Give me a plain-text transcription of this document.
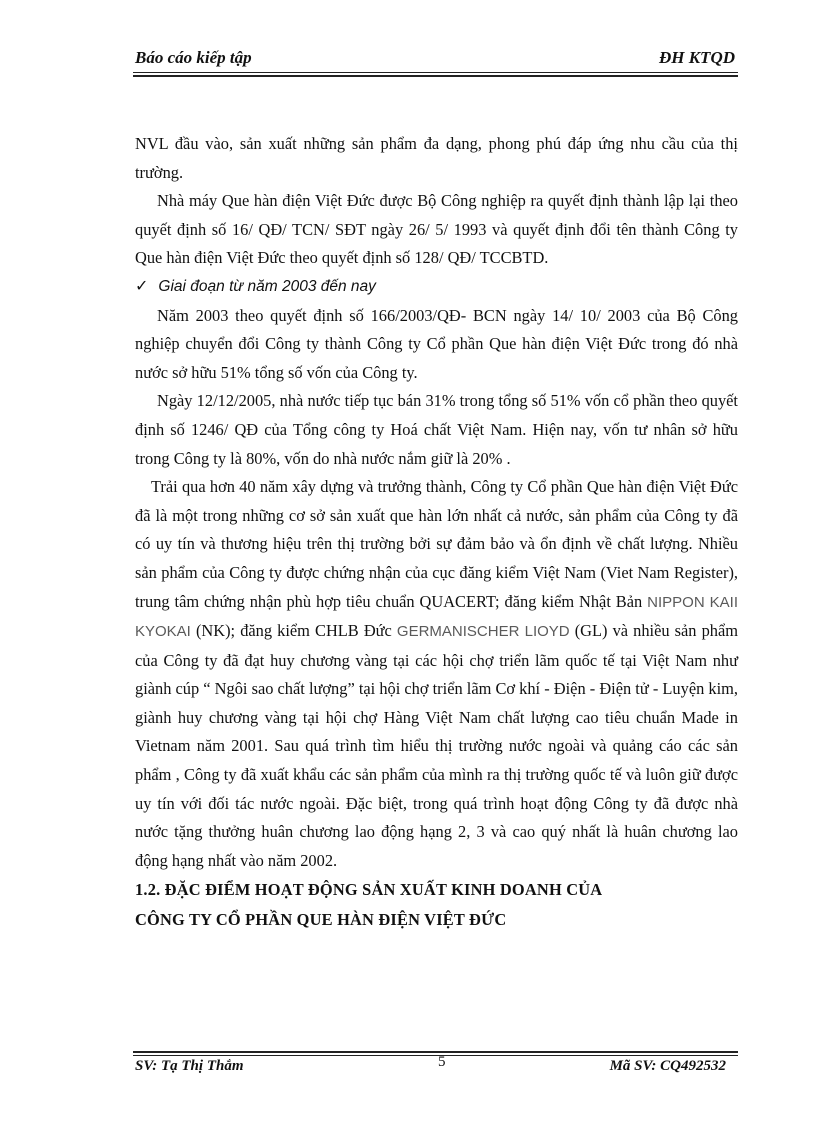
Báo cáo kiếp tập	ĐH KTQD

NVL đầu vào, sản xuất những sản phẩm đa dạng, phong phú đáp ứng nhu cầu của thị trường.

Nhà máy Que hàn điện Việt Đức được Bộ Công nghiệp ra quyết định thành lập lại theo quyết định số 16/ QĐ/ TCN/ SĐT ngày 26/ 5/ 1993 và quyết định đổi tên thành Công ty Que hàn điện Việt Đức theo quyết định số 128/ QĐ/ TCCBTD.

✓ Giai đoạn từ năm 2003 đến nay

Năm 2003 theo quyết định số 166/2003/QĐ- BCN ngày 14/ 10/ 2003 của Bộ Công nghiệp chuyển đổi Công ty thành Công ty Cổ phần Que hàn điện Việt Đức trong đó nhà nước sở hữu 51% tổng số vốn của Công ty.

Ngày 12/12/2005, nhà nước tiếp tục bán 31% trong tổng số 51% vốn cổ phần theo quyết định số 1246/ QĐ của Tổng công ty Hoá chất Việt Nam. Hiện nay, vốn tư nhân sở hữu trong Công ty là 80%, vốn do nhà nước nắm giữ là 20% .

Trải qua hơn 40 năm xây dựng và trưởng thành, Công ty Cổ phần Que hàn điện Việt Đức đã là một trong những cơ sở sản xuất que hàn lớn nhất cả nước, sản phẩm của Công ty đã có uy tín và thương hiệu trên thị trường bởi sự đảm bảo và ổn định về chất lượng. Nhiều sản phẩm của Công ty được chứng nhận của cục đăng kiểm Việt Nam (Viet Nam Register), trung tâm chứng nhận phù hợp tiêu chuẩn QUACERT; đăng kiểm Nhật Bản NIPPON KAII KYOKAI (NK); đăng kiểm CHLB Đức GERMANISCHER LIOYD (GL) và nhiều sản phẩm của Công ty đã đạt huy chương vàng tại các hội chợ triển lãm quốc tế tại Việt Nam như giành cúp “ Ngôi sao chất lượng” tại hội chợ triển lãm Cơ khí - Điện - Điện tử - Luyện kim, giành huy chương vàng tại hội chợ Hàng Việt Nam chất lượng cao tiêu chuẩn Made in Vietnam năm 2001. Sau quá trình tìm hiểu thị trường nước ngoài và quảng cáo các sản phẩm , Công ty đã xuất khẩu các sản phẩm của mình ra thị trường quốc tế và luôn giữ được uy tín với đối tác nước ngoài. Đặc biệt, trong quá trình hoạt động Công ty đã được nhà nước tặng thưởng huân chương lao động hạng 2, 3 và cao quý nhất là huân chương lao động hạng nhất vào năm 2002.

1.2. ĐẶC ĐIỂM HOẠT ĐỘNG SẢN XUẤT KINH DOANH CỦA
CÔNG TY CỔ PHẦN QUE HÀN ĐIỆN VIỆT ĐỨC

SV: Tạ Thị Thắm	5	Mã SV: CQ492532
